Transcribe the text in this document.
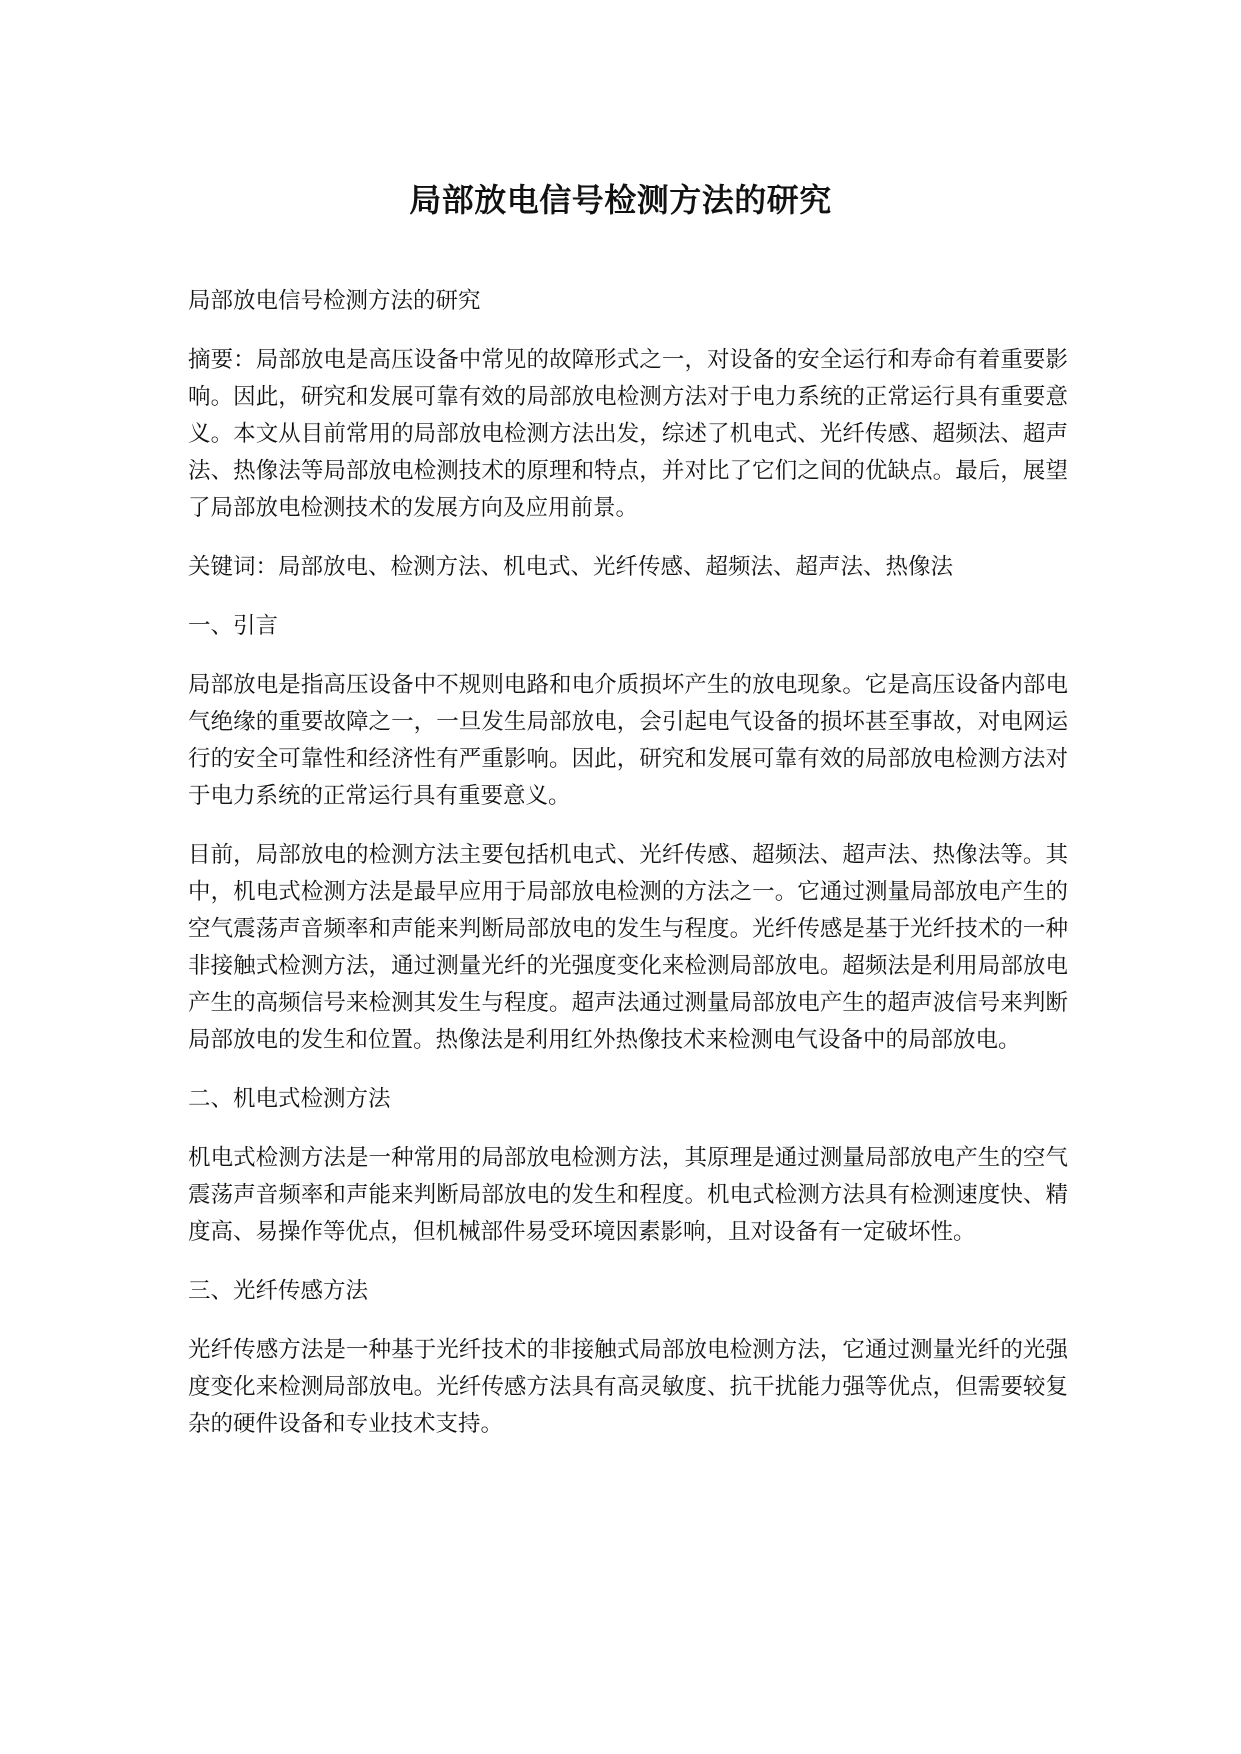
局部放电信号检测方法的研究

局部放电信号检测方法的研究

摘要：局部放电是高压设备中常见的故障形式之一，对设备的安全运行和寿命有着重要影响。因此，研究和发展可靠有效的局部放电检测方法对于电力系统的正常运行具有重要意义。本文从目前常用的局部放电检测方法出发，综述了机电式、光纤传感、超频法、超声法、热像法等局部放电检测技术的原理和特点，并对比了它们之间的优缺点。最后，展望了局部放电检测技术的发展方向及应用前景。

关键词：局部放电、检测方法、机电式、光纤传感、超频法、超声法、热像法

一、引言

局部放电是指高压设备中不规则电路和电介质损坏产生的放电现象。它是高压设备内部电气绝缘的重要故障之一，一旦发生局部放电，会引起电气设备的损坏甚至事故，对电网运行的安全可靠性和经济性有严重影响。因此，研究和发展可靠有效的局部放电检测方法对于电力系统的正常运行具有重要意义。

目前，局部放电的检测方法主要包括机电式、光纤传感、超频法、超声法、热像法等。其中，机电式检测方法是最早应用于局部放电检测的方法之一。它通过测量局部放电产生的空气震荡声音频率和声能来判断局部放电的发生与程度。光纤传感是基于光纤技术的一种非接触式检测方法，通过测量光纤的光强度变化来检测局部放电。超频法是利用局部放电产生的高频信号来检测其发生与程度。超声法通过测量局部放电产生的超声波信号来判断局部放电的发生和位置。热像法是利用红外热像技术来检测电气设备中的局部放电。

二、机电式检测方法

机电式检测方法是一种常用的局部放电检测方法，其原理是通过测量局部放电产生的空气震荡声音频率和声能来判断局部放电的发生和程度。机电式检测方法具有检测速度快、精度高、易操作等优点，但机械部件易受环境因素影响，且对设备有一定破坏性。

三、光纤传感方法

光纤传感方法是一种基于光纤技术的非接触式局部放电检测方法，它通过测量光纤的光强度变化来检测局部放电。光纤传感方法具有高灵敏度、抗干扰能力强等优点，但需要较复杂的硬件设备和专业技术支持。
